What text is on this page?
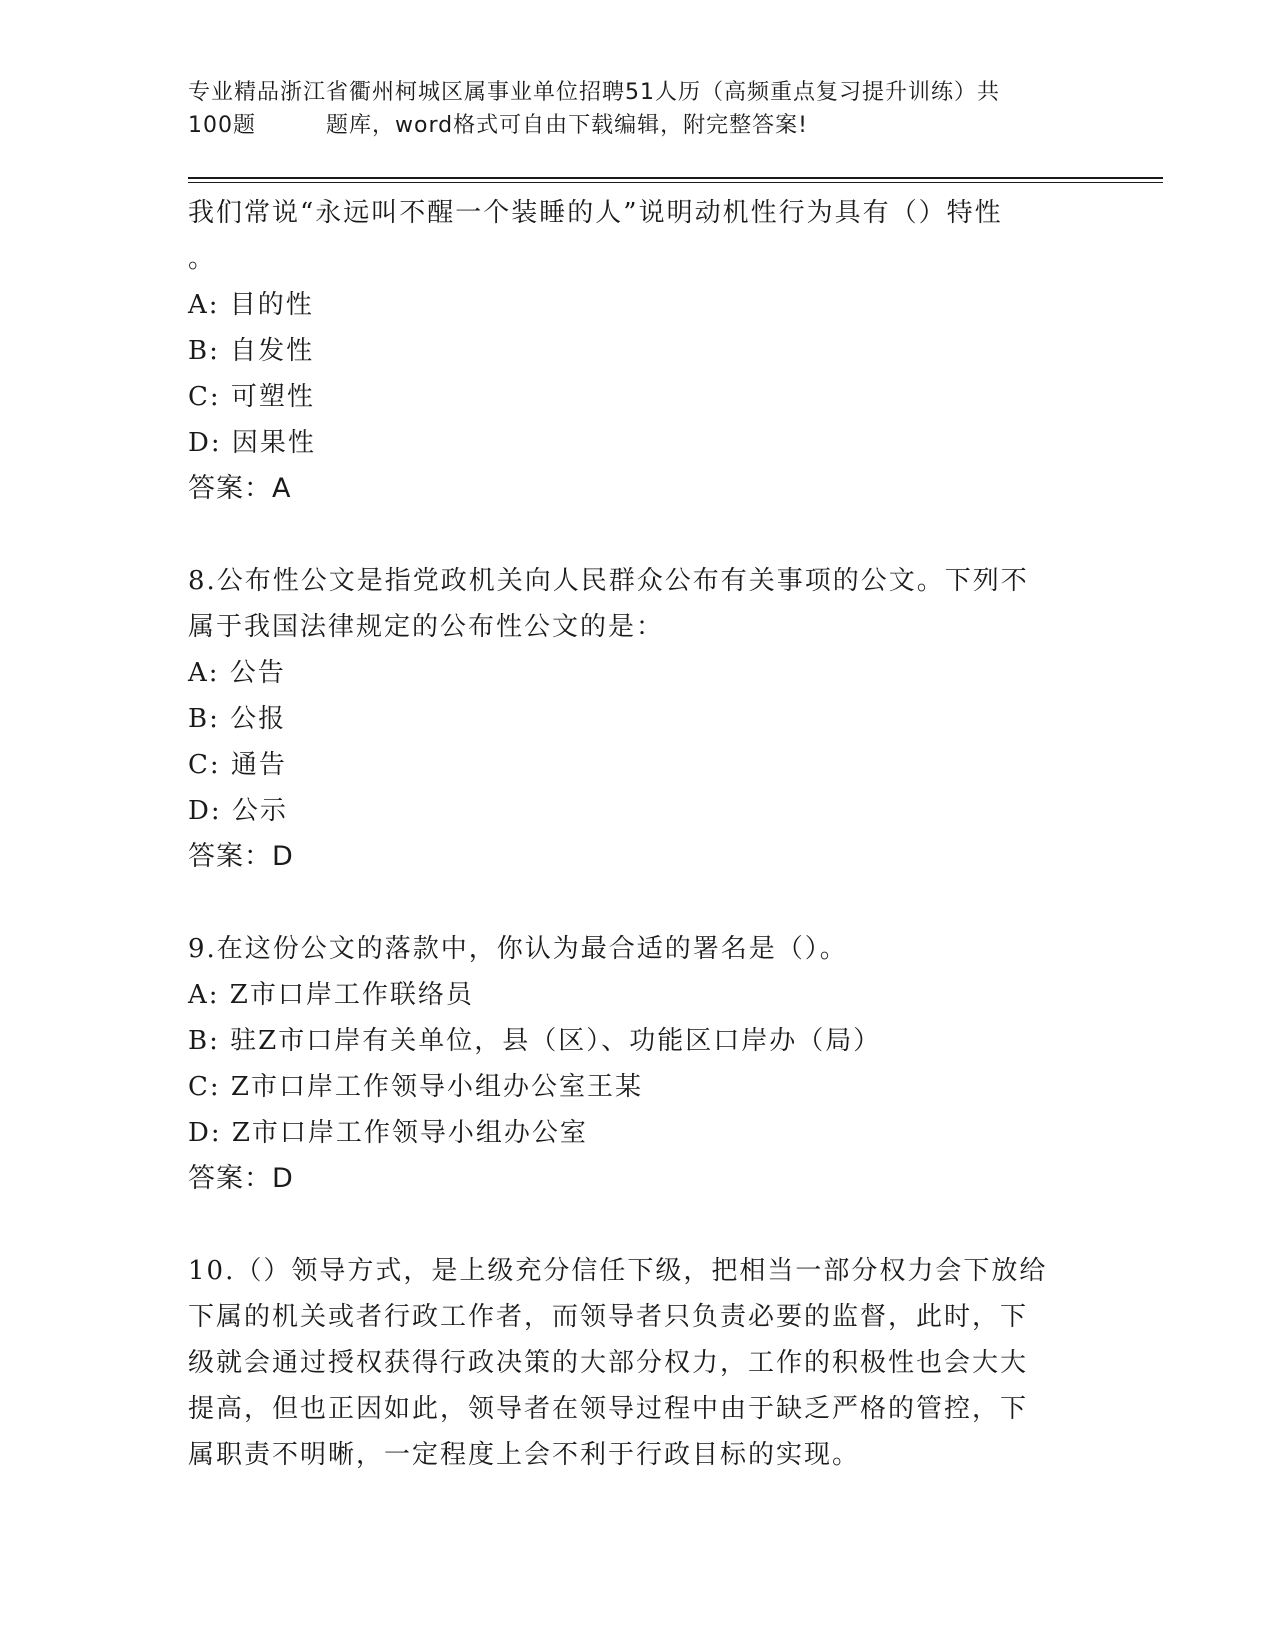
专业精品浙江省衢州柯城区属事业单位招聘51人历（高频重点复习提升训练）共
100题	题库，word格式可自由下载编辑，附完整答案!
我们常说“永远叫不醒一个装睡的人”说明动机性行为具有（）特性
。
A: 目的性
B: 自发性
C: 可塑性
D: 因果性
答案：A
8.公布性公文是指党政机关向人民群众公布有关事项的公文。下列不
属于我国法律规定的公布性公文的是：
A: 公告
B: 公报
C: 通告
D: 公示
答案：D
9.在这份公文的落款中，你认为最合适的署名是（）。
A: Z市口岸工作联络员
B: 驻Z市口岸有关单位，县（区）、功能区口岸办（局）
C: Z市口岸工作领导小组办公室王某
D: Z市口岸工作领导小组办公室
答案：D
10.（）领导方式，是上级充分信任下级，把相当一部分权力会下放给
下属的机关或者行政工作者，而领导者只负责必要的监督，此时，下
级就会通过授权获得行政决策的大部分权力，工作的积极性也会大大
提高，但也正因如此，领导者在领导过程中由于缺乏严格的管控，下
属职责不明晰，一定程度上会不利于行政目标的实现。
